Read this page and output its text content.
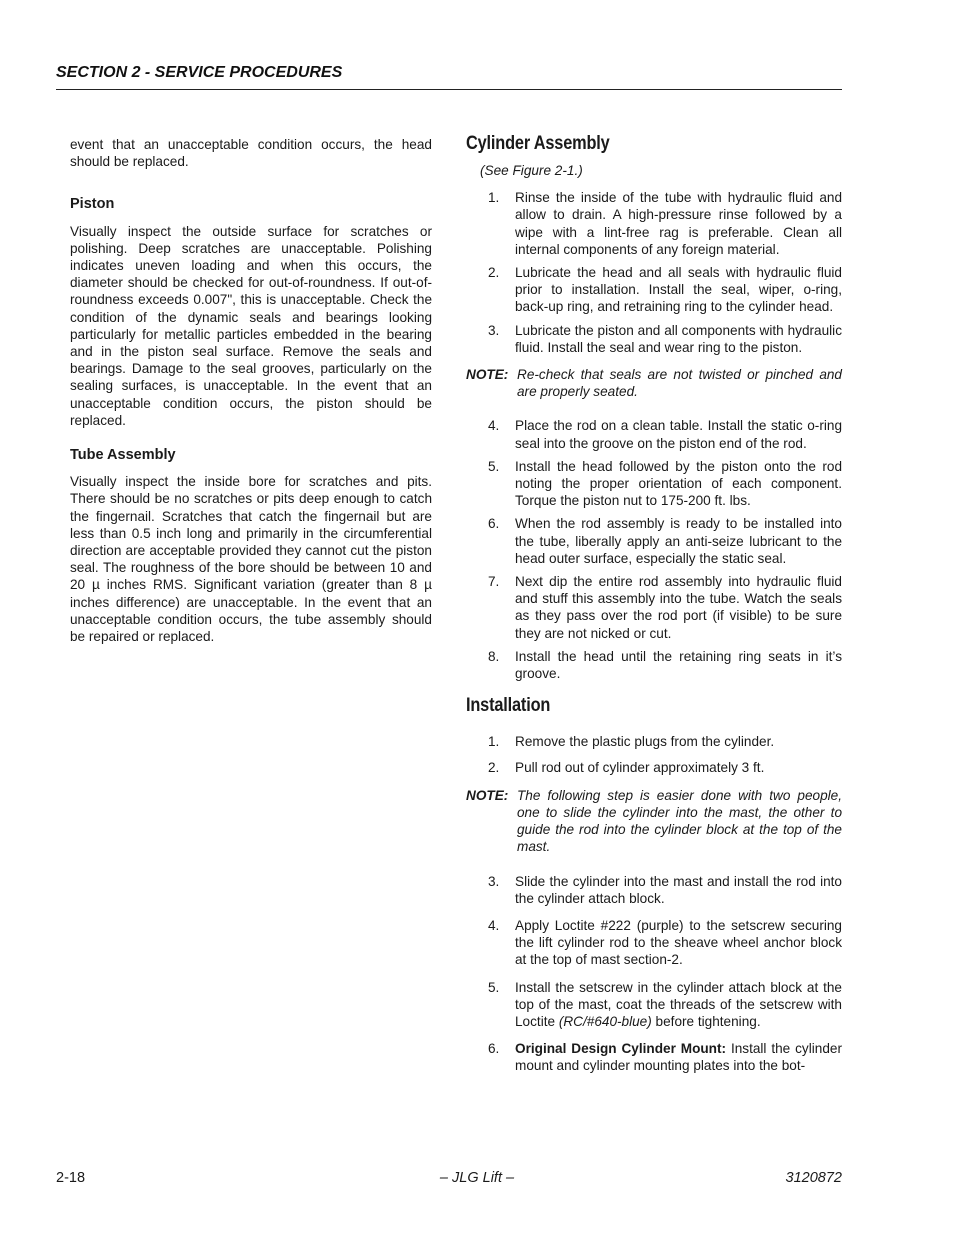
SECTION 2 - SERVICE PROCEDURES

event that an unacceptable condition occurs, the head should be replaced.

Piston

Visually inspect the outside surface for scratches or polishing. Deep scratches are unacceptable. Polishing indicates uneven loading and when this occurs, the diameter should be checked for out-of-roundness. If out-of-roundness exceeds 0.007", this is unacceptable. Check the condition of the dynamic seals and bearings looking particularly for metallic particles embedded in the bearing and in the piston seal surface. Remove the seals and bearings. Damage to the seal grooves, particularly on the sealing surfaces, is unacceptable. In the event that an unacceptable condition occurs, the piston should be replaced.

Tube Assembly

Visually inspect the inside bore for scratches and pits. There should be no scratches or pits deep enough to catch the fingernail. Scratches that catch the fingernail but are less than 0.5 inch long and primarily in the circumferential direction are acceptable provided they cannot cut the piston seal. The roughness of the bore should be between 10 and 20 µ inches RMS. Significant variation (greater than 8 µ inches difference) are unacceptable. In the event that an unacceptable condition occurs, the tube assembly should be repaired or replaced.

Cylinder Assembly

(See Figure 2-1.)

1. Rinse the inside of the tube with hydraulic fluid and allow to drain. A high-pressure rinse followed by a wipe with a lint-free rag is preferable. Clean all internal components of any foreign material.
2. Lubricate the head and all seals with hydraulic fluid prior to installation. Install the seal, wiper, o-ring, back-up ring, and retraining ring to the cylinder head.
3. Lubricate the piston and all components with hydraulic fluid. Install the seal and wear ring to the piston.
NOTE: Re-check that seals are not twisted or pinched and are properly seated.
4. Place the rod on a clean table. Install the static o-ring seal into the groove on the piston end of the rod.
5. Install the head followed by the piston onto the rod noting the proper orientation of each component. Torque the piston nut to 175-200 ft. lbs.
6. When the rod assembly is ready to be installed into the tube, liberally apply an anti-seize lubricant to the head outer surface, especially the static seal.
7. Next dip the entire rod assembly into hydraulic fluid and stuff this assembly into the tube. Watch the seals as they pass over the rod port (if visible) to be sure they are not nicked or cut.
8. Install the head until the retaining ring seats in it’s groove.
Installation
1. Remove the plastic plugs from the cylinder.
2. Pull rod out of cylinder approximately 3 ft.
NOTE: The following step is easier done with two people, one to slide the cylinder into the mast, the other to guide the rod into the cylinder block at the top of the mast.
3. Slide the cylinder into the mast and install the rod into the cylinder attach block.
4. Apply Loctite #222 (purple) to the setscrew securing the lift cylinder rod to the sheave wheel anchor block at the top of mast section-2.
5. Install the setscrew in the cylinder attach block at the top of the mast, coat the threads of the setscrew with Loctite (RC/#640-blue) before tightening.
6. Original Design Cylinder Mount: Install the cylinder mount and cylinder mounting plates into the bot-
2-18	– JLG Lift –	3120872
